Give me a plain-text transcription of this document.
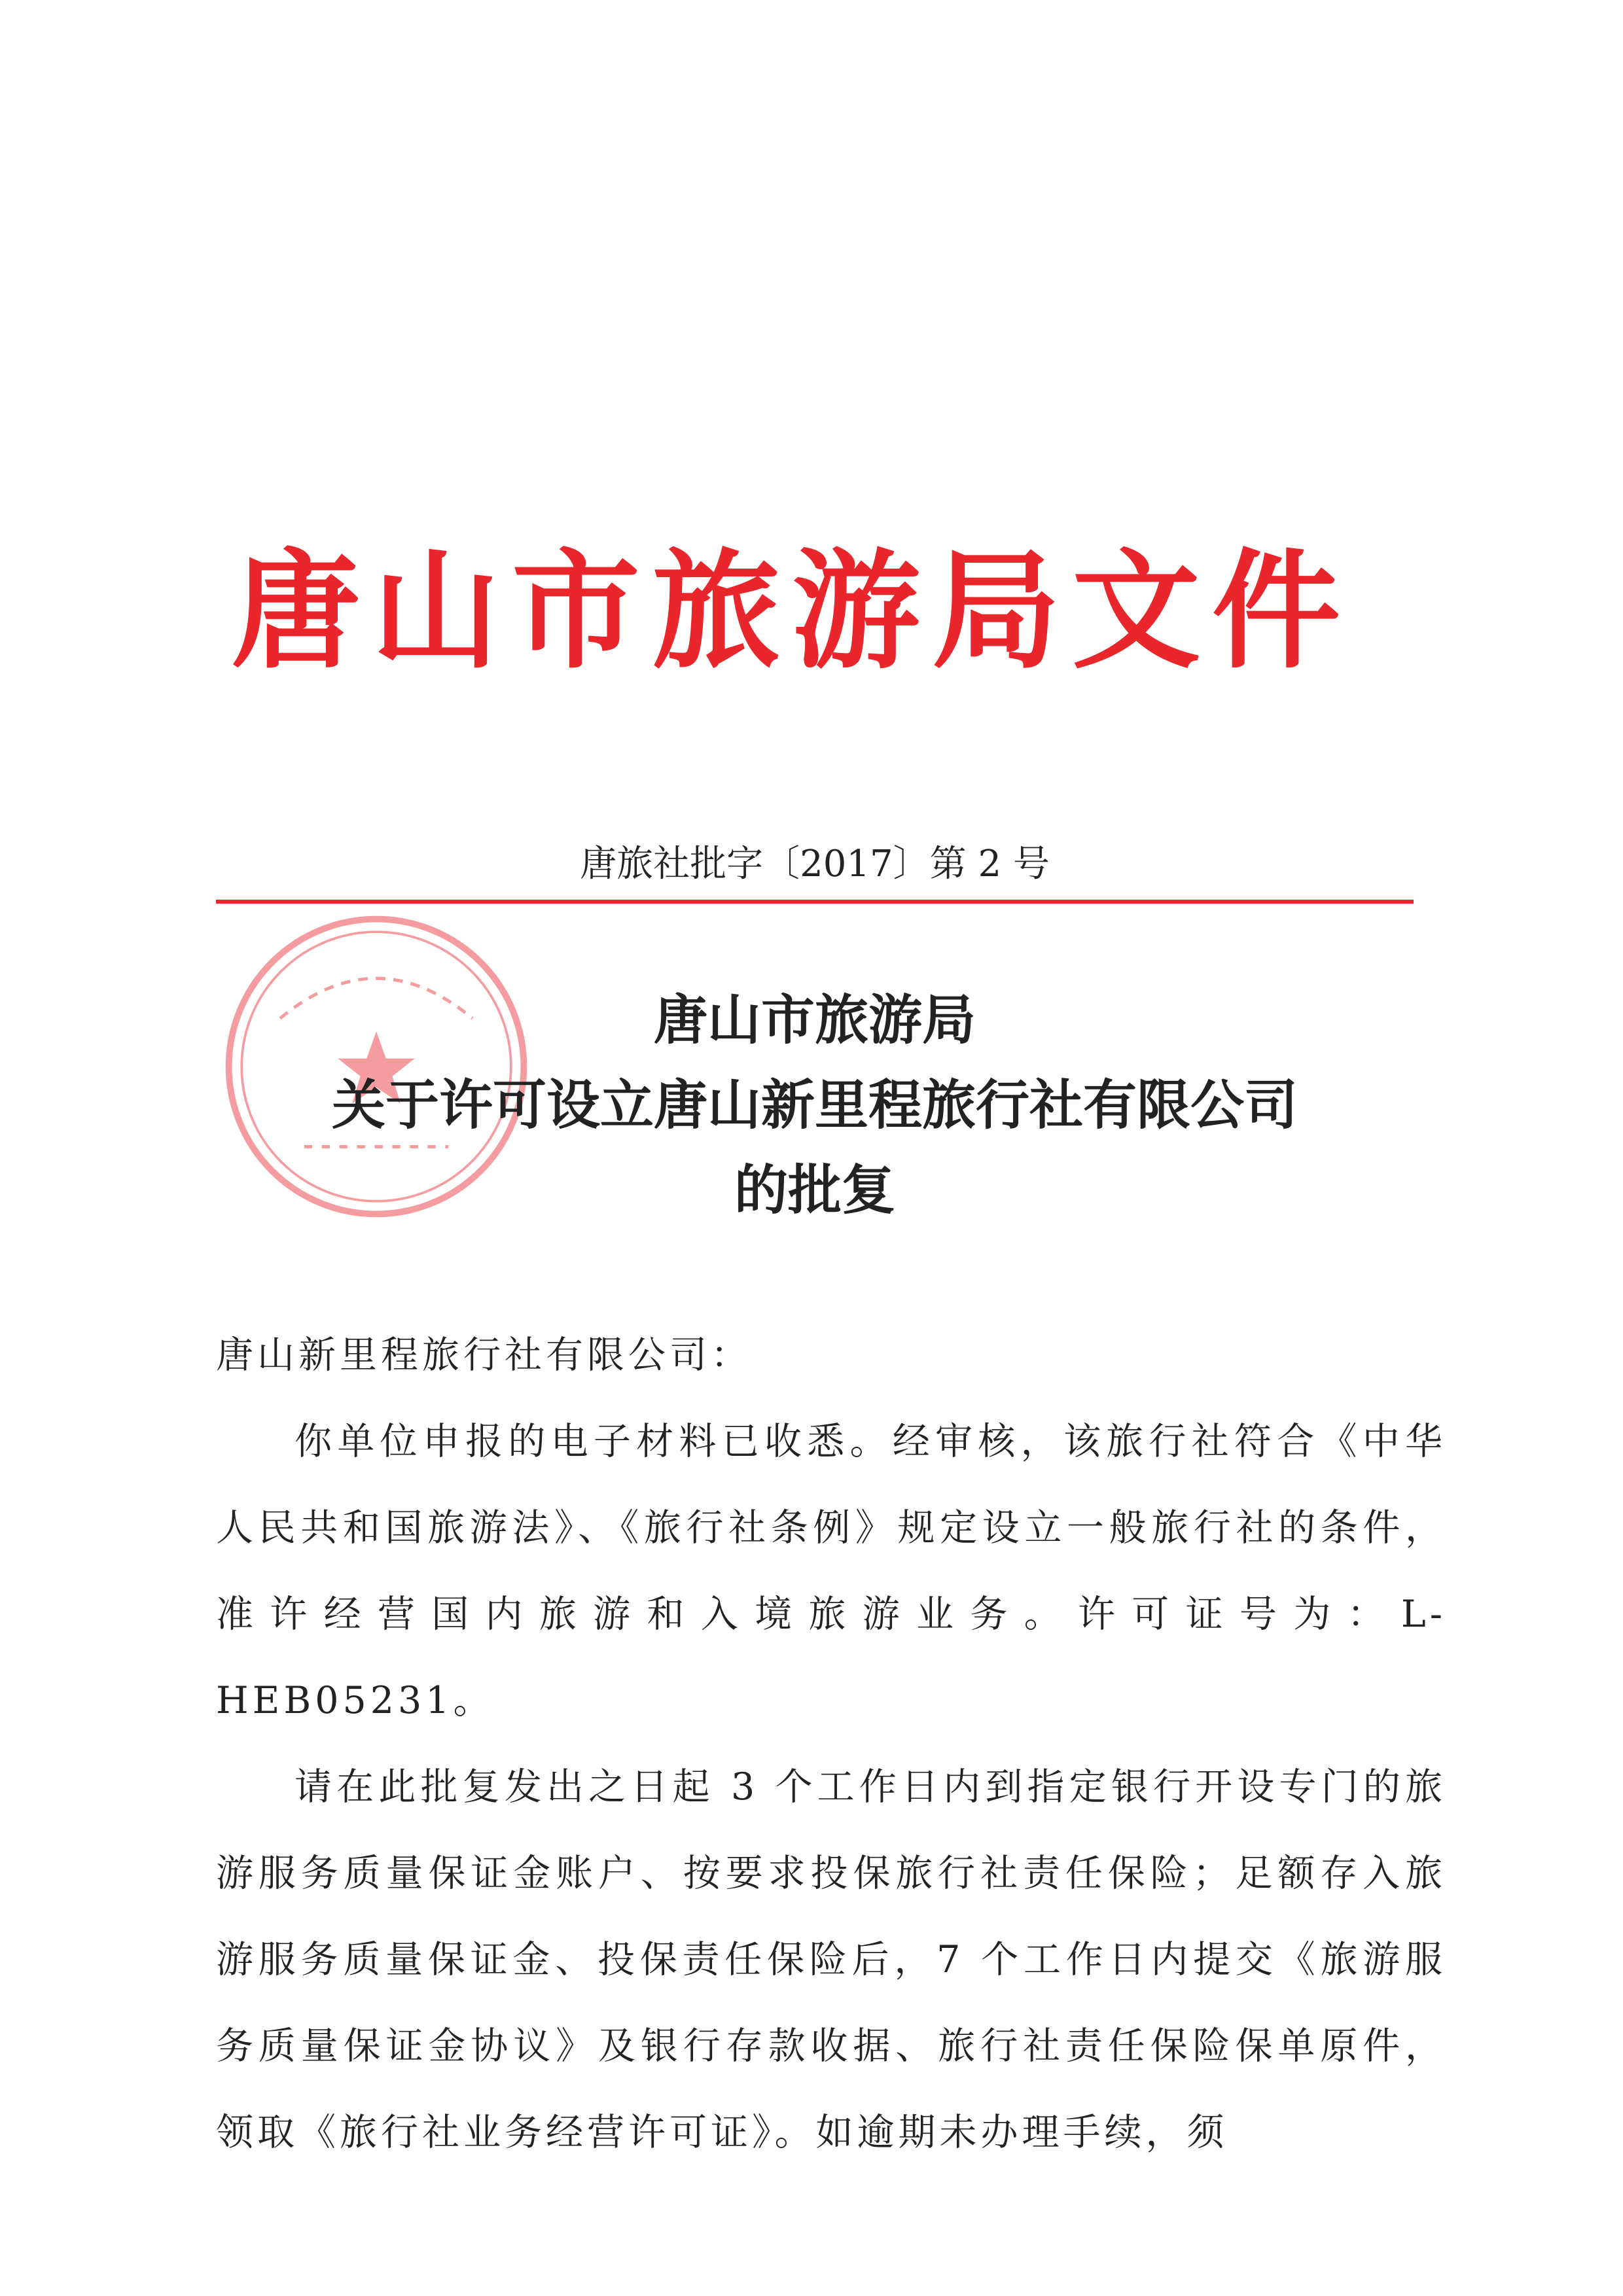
唐山市旅游局文件
唐旅社批字〔2017〕第 2 号
唐山市旅游局
关于许可设立唐山新里程旅行社有限公司
的批复

唐山新里程旅行社有限公司：

你单位申报的电子材料已收悉。经审核，该旅行社符合《中华人民共和国旅游法》、《旅行社条例》规定设立一般旅行社的条件，准许经营国内旅游和入境旅游业务。许可证号为：L-HEB05231。

请在此批复发出之日起 3 个工作日内到指定银行开设专门的旅游服务质量保证金账户、按要求投保旅行社责任保险；足额存入旅游服务质量保证金、投保责任保险后，7 个工作日内提交《旅游服务质量保证金协议》及银行存款收据、旅行社责任保险保单原件，领取《旅行社业务经营许可证》。如逾期未办理手续，须
